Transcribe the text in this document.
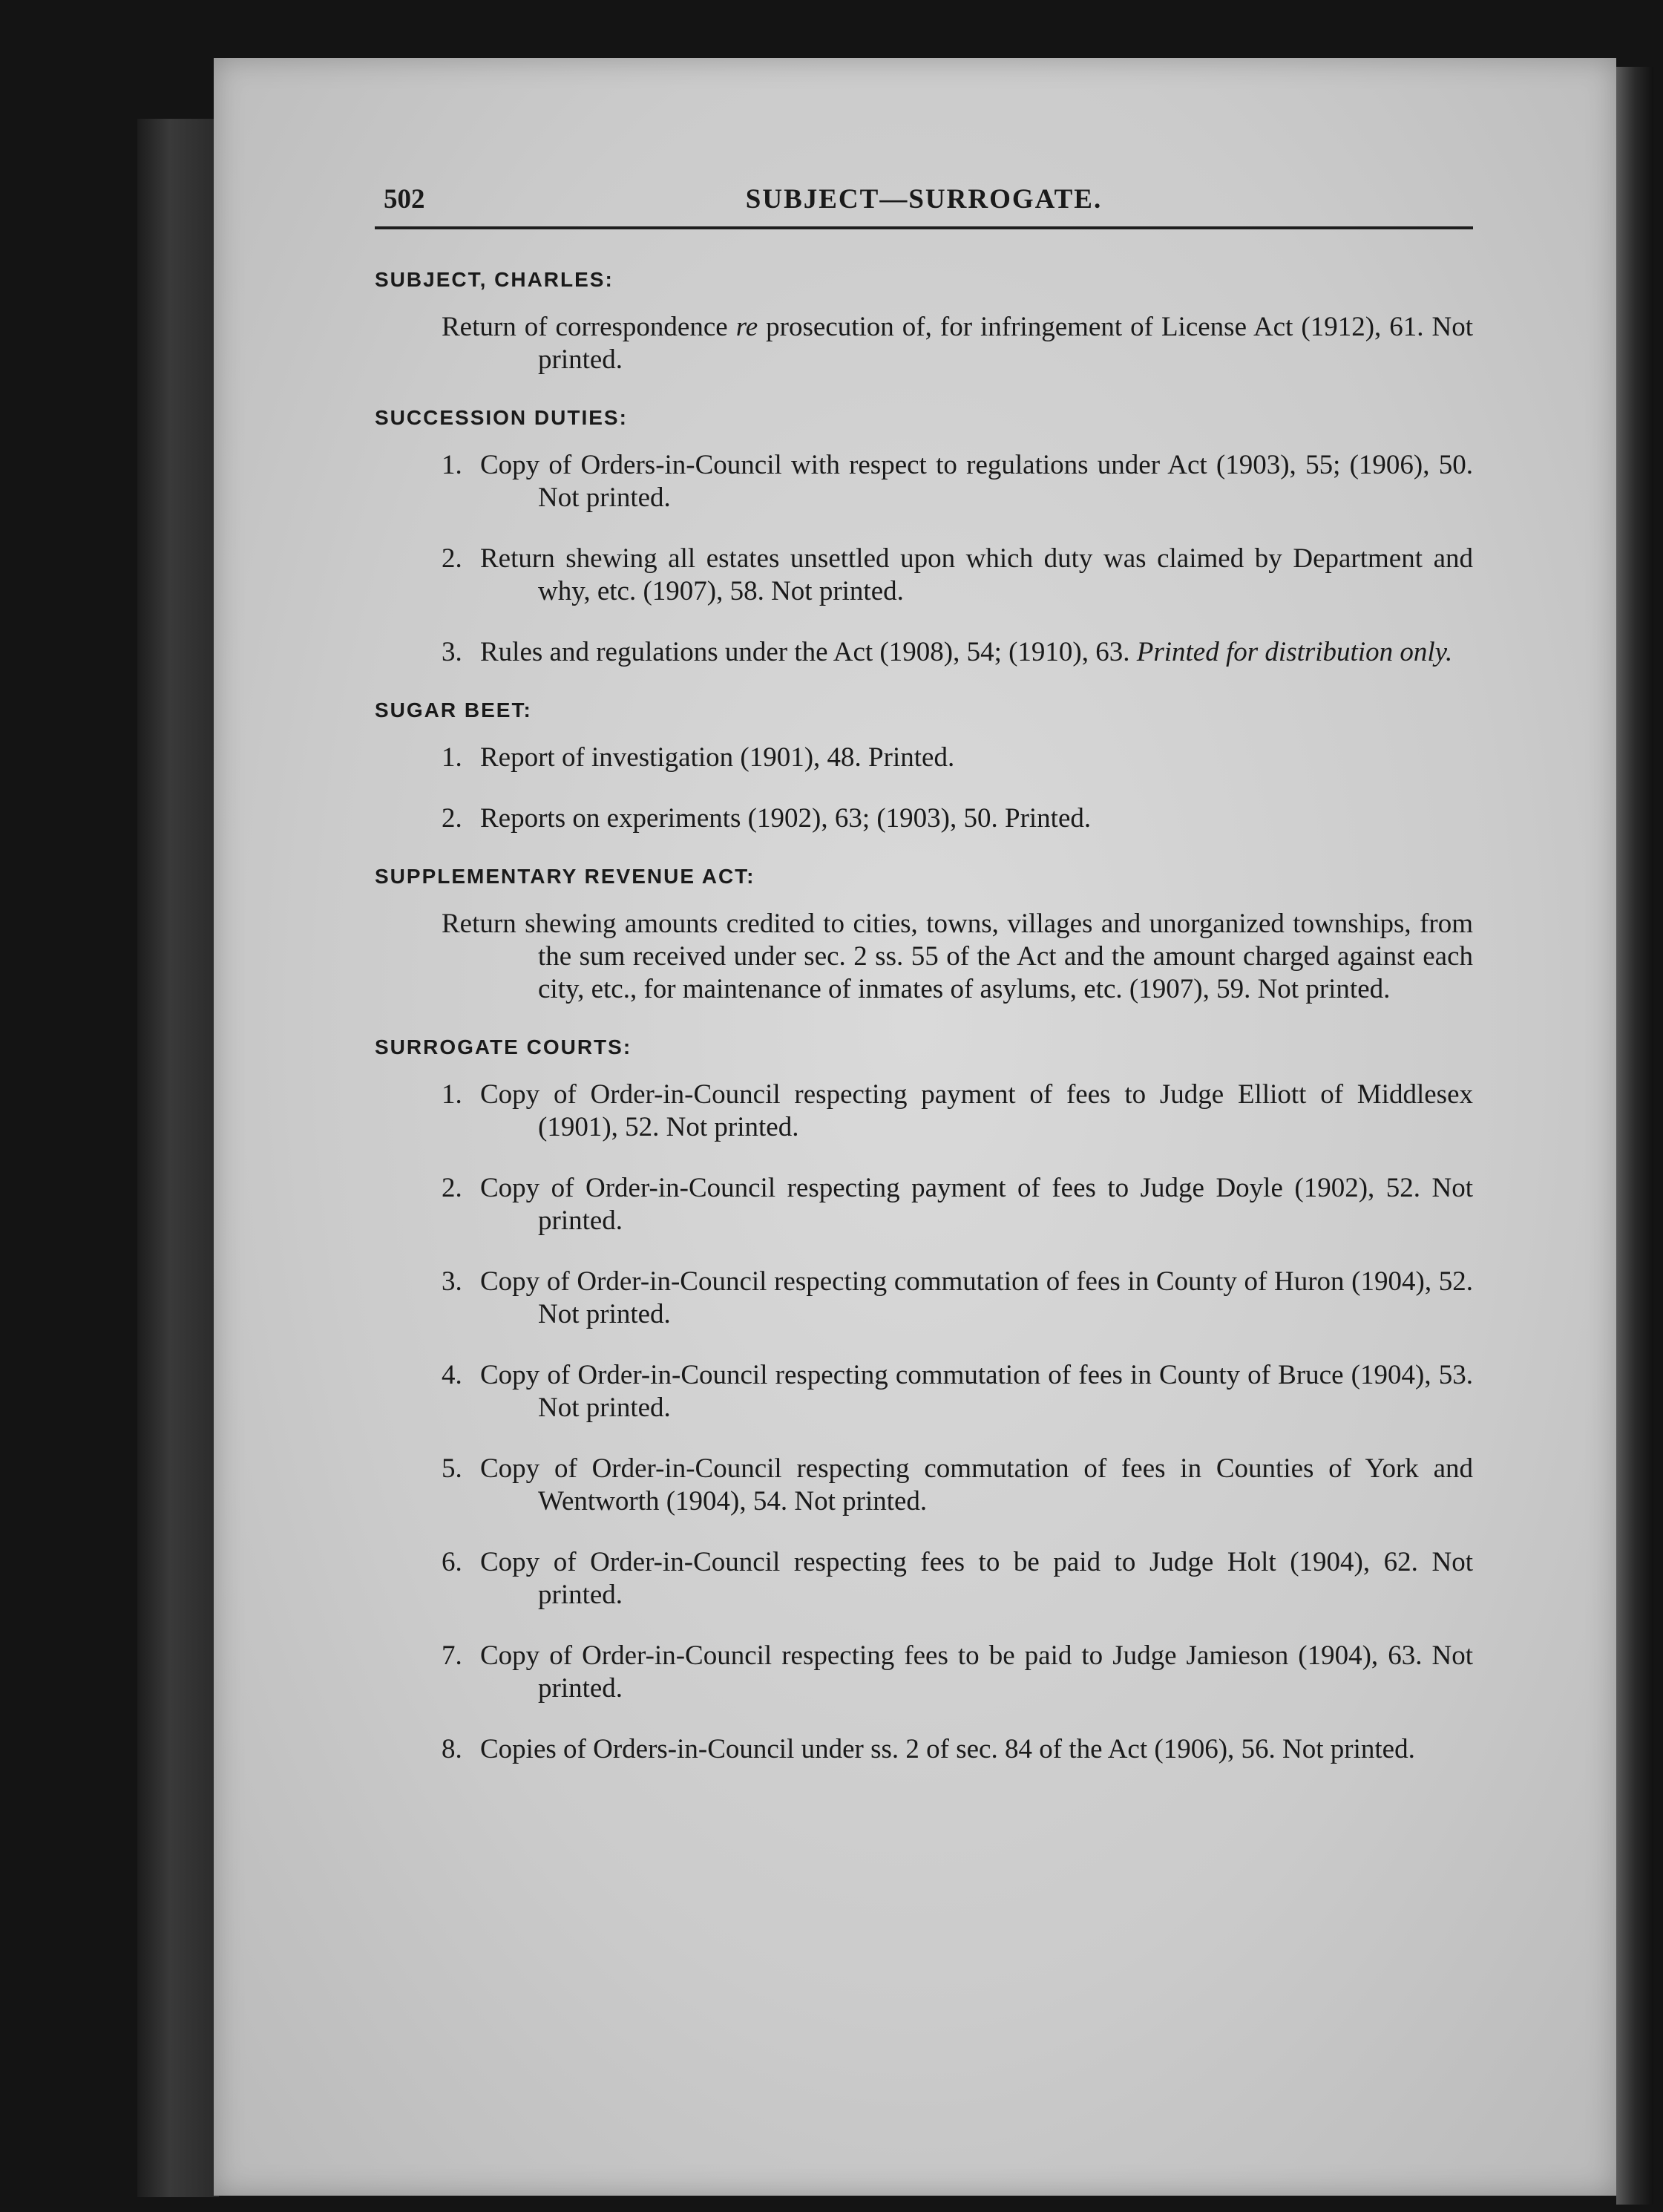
502	SUBJECT—SURROGATE.
SUBJECT, CHARLES:

Return of correspondence re prosecution of, for infringement of License Act (1912), 61. Not printed.

SUCCESSION DUTIES:

1. Copy of Orders-in-Council with respect to regulations under Act (1903), 55; (1906), 50. Not printed.

2. Return shewing all estates unsettled upon which duty was claimed by Department and why, etc. (1907), 58. Not printed.

3. Rules and regulations under the Act (1908), 54; (1910), 63. Printed for distribution only.

SUGAR BEET:

1. Report of investigation (1901), 48. Printed.

2. Reports on experiments (1902), 63; (1903), 50. Printed.

SUPPLEMENTARY REVENUE ACT:

Return shewing amounts credited to cities, towns, villages and unorganized townships, from the sum received under sec. 2 ss. 55 of the Act and the amount charged against each city, etc., for maintenance of inmates of asylums, etc. (1907), 59. Not printed.

SURROGATE COURTS:

1. Copy of Order-in-Council respecting payment of fees to Judge Elliott of Middlesex (1901), 52. Not printed.

2. Copy of Order-in-Council respecting payment of fees to Judge Doyle (1902), 52. Not printed.

3. Copy of Order-in-Council respecting commutation of fees in County of Huron (1904), 52. Not printed.

4. Copy of Order-in-Council respecting commutation of fees in County of Bruce (1904), 53. Not printed.

5. Copy of Order-in-Council respecting commutation of fees in Counties of York and Wentworth (1904), 54. Not printed.

6. Copy of Order-in-Council respecting fees to be paid to Judge Holt (1904), 62. Not printed.

7. Copy of Order-in-Council respecting fees to be paid to Judge Jamieson (1904), 63. Not printed.

8. Copies of Orders-in-Council under ss. 2 of sec. 84 of the Act (1906), 56. Not printed.
